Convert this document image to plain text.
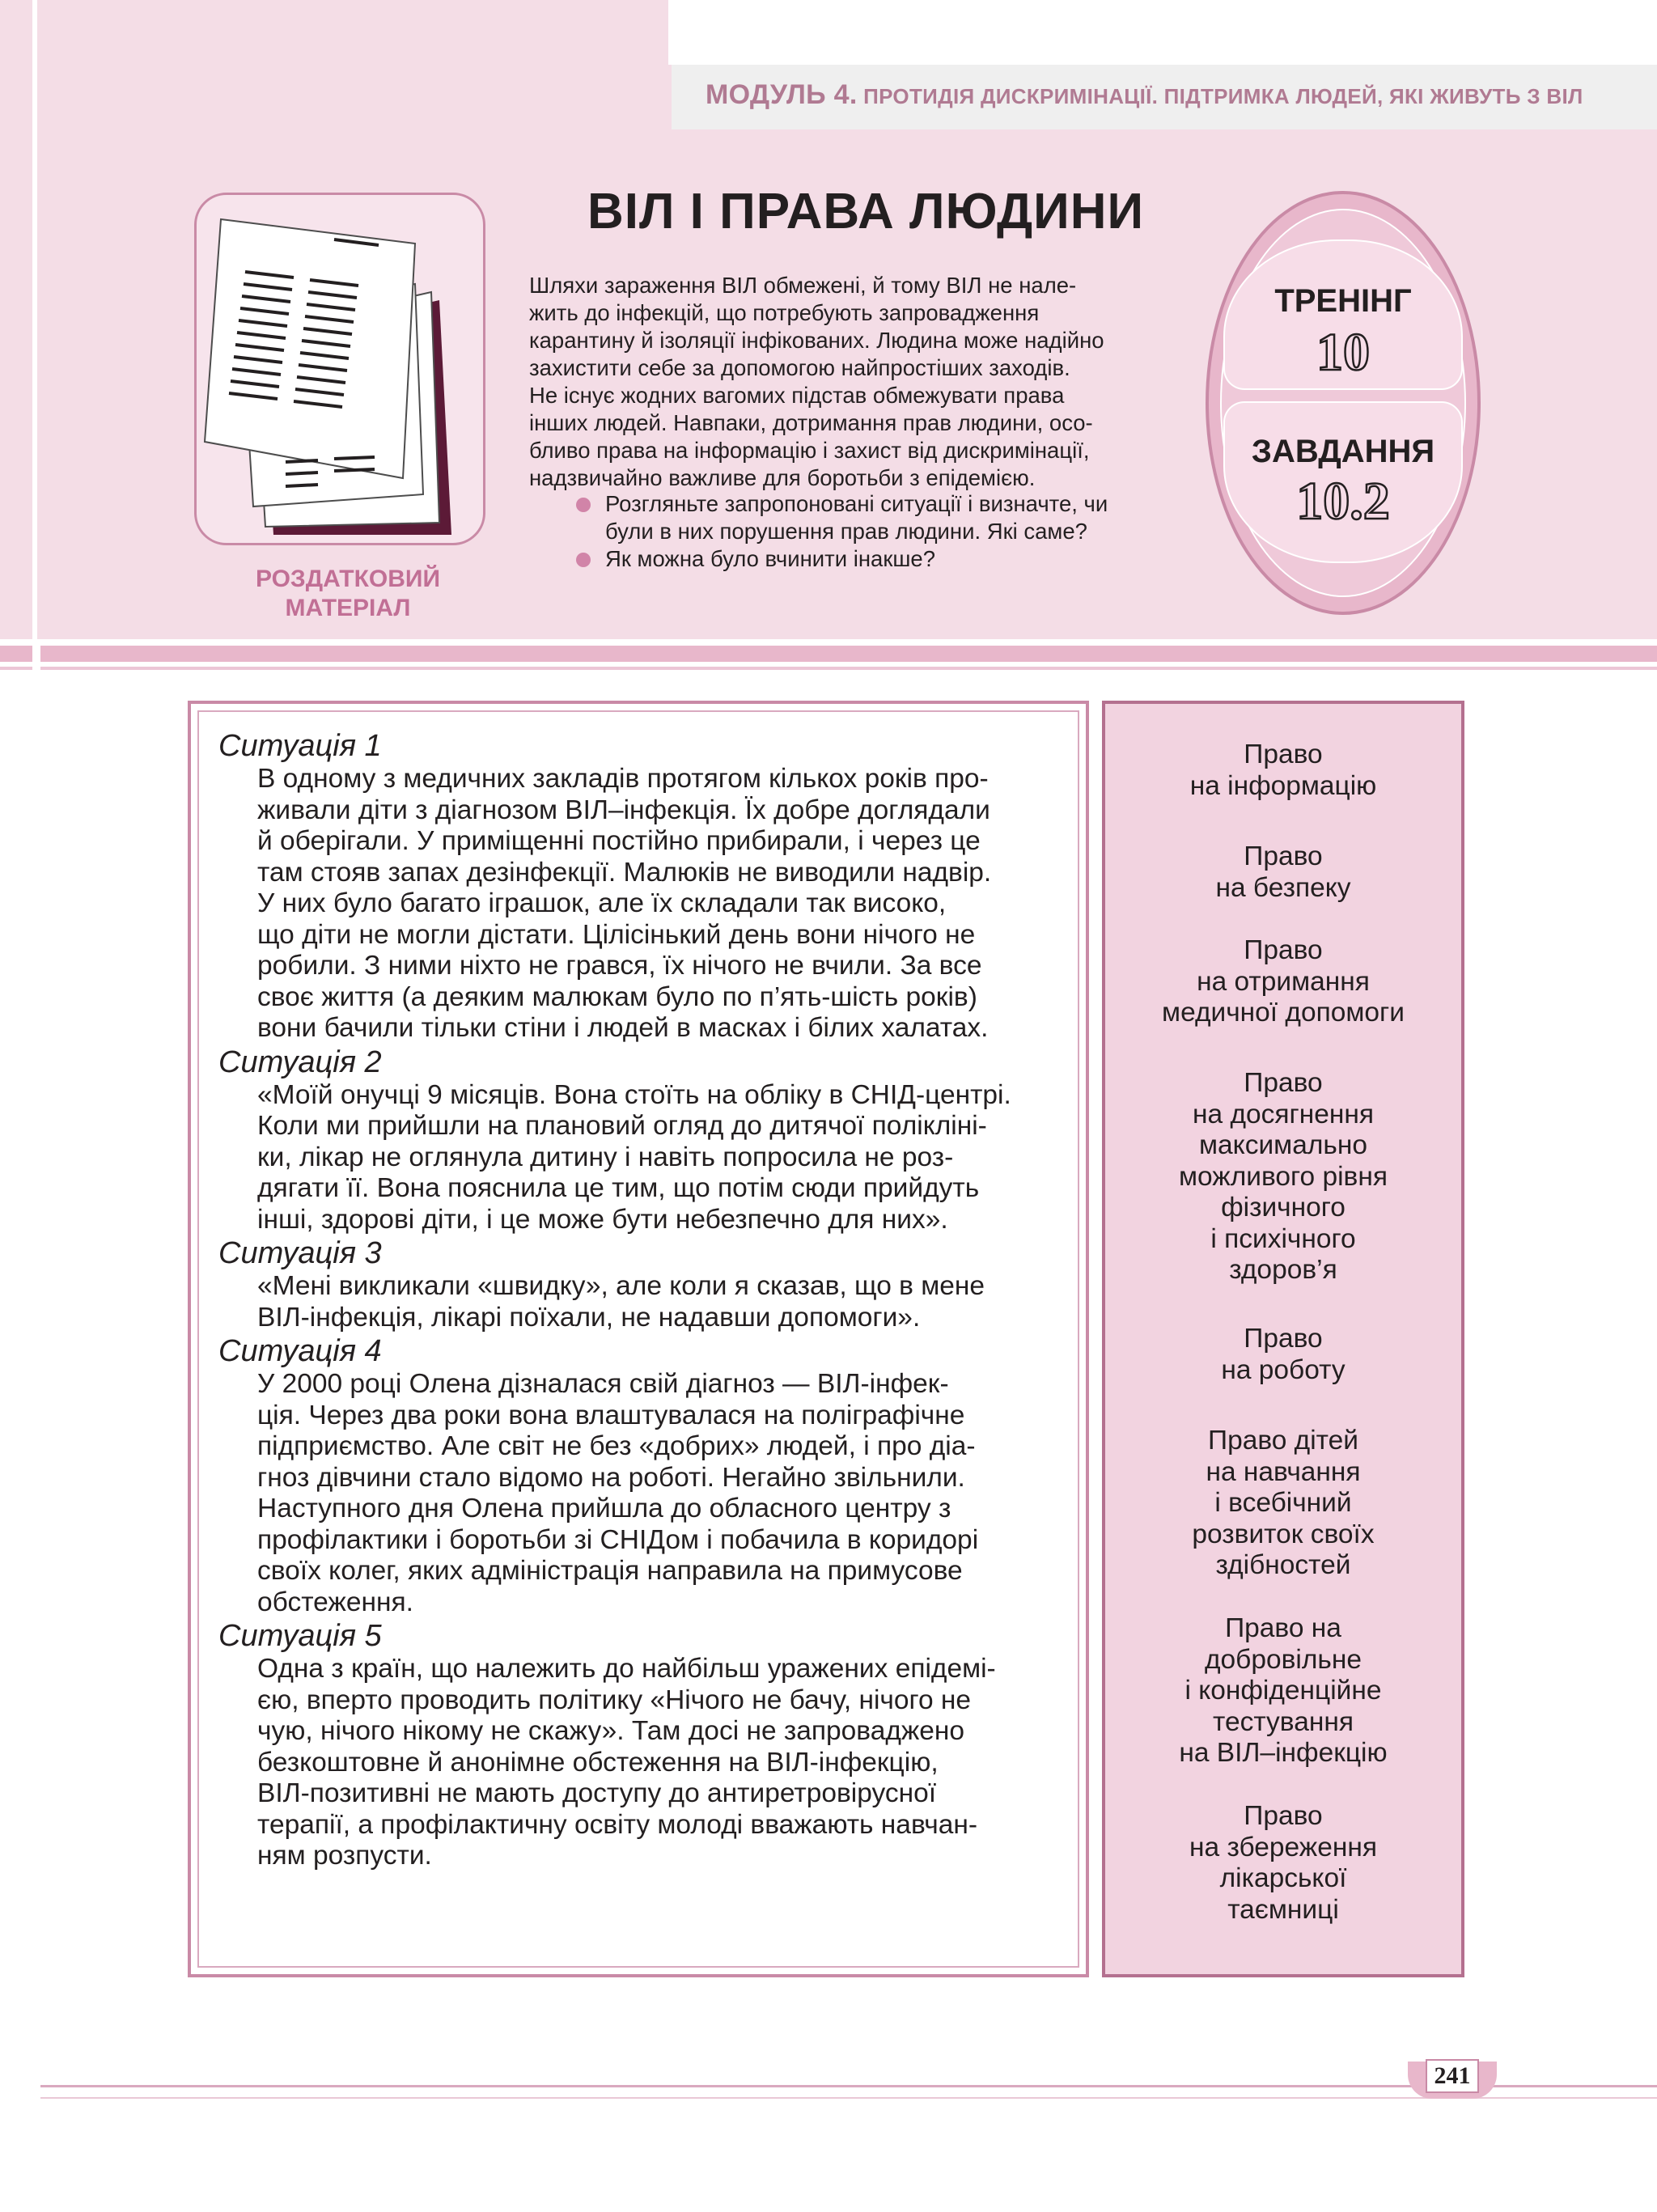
МОДУЛЬ 4. ПРОТИДІЯ ДИСКРИМІНАЦІЇ. ПІДТРИМКА ЛЮДЕЙ, ЯКІ ЖИВУТЬ З ВІЛ
РОЗДАТКОВИЙ
МАТЕРІАЛ
ВІЛ І ПРАВА ЛЮДИНИ
Шляхи зараження ВІЛ обмежені, й тому ВІЛ не нале-
жить до інфекцій, що потребують запровадження
карантину й ізоляції інфікованих. Людина може надійно
захистити себе за допомогою найпростіших заходів.
Не існує жодних вагомих підстав обмежувати права
інших людей. Навпаки, дотримання прав людини, осо-
бливо права на інформацію і захист від дискримінації,
надзвичайно важливе для боротьби з епідемією.
Розгляньте запропоновані ситуації і визначте, чи
були в них порушення прав людини. Які саме?
Як можна було вчинити інакше?
ТРЕНІНГ
10
ЗАВДАННЯ
10.2

Ситуація 1

В одному з медичних закладів протягом кількох років про-

живали діти з діагнозом ВІЛ–інфекція. Їх добре доглядали

й оберігали. У приміщенні постійно прибирали, і через це

там стояв запах дезінфекції. Малюків не виводили надвір.

У них було багато іграшок, але їх складали так високо,

що діти не могли дістати. Цілісінький день вони нічого не

робили. З ними ніхто не грався, їх нічого не вчили. За все

своє життя (а деяким малюкам було по п’ять-шість років)

вони бачили тільки стіни і людей в масках і білих халатах.

Ситуація 2

«Моїй онучці 9 місяців. Вона стоїть на обліку в СНІД-центрі.

Коли ми прийшли на плановий огляд до дитячої полікліні-

ки, лікар не оглянула дитину і навіть попросила не роз-

дягати її. Вона пояснила це тим, що потім сюди прийдуть

інші, здорові діти, і це може бути небезпечно для них».

Ситуація 3

«Мені викликали «швидку», але коли я сказав, що в мене

ВІЛ-інфекція, лікарі поїхали, не надавши допомоги».

Ситуація 4

У 2000 році Олена дізналася свій діагноз — ВІЛ-інфек-

ція. Через два роки вона влаштувалася на поліграфічне

підприємство. Але світ не без «добрих» людей, і про діа-

гноз дівчини стало відомо на роботі. Негайно звільнили.

Наступного дня Олена прийшла до обласного центру з

профілактики і боротьби зі СНІДом і побачила в коридорі

своїх колег, яких адміністрація направила на примусове

обстеження.

Ситуація 5

Одна з країн, що належить до найбільш уражених епідемі-

єю, вперто проводить політику «Нічого не бачу, нічого не

чую, нічого нікому не скажу». Там досі не запроваджено

безкоштовне й анонімне обстеження на ВІЛ-інфекцію,

ВІЛ-позитивні не мають доступу до антиретровірусної

терапії, а профілактичну освіту молоді вважають навчан-

ням розпусти.

Право
на інформацію
Право
на безпеку
Право
на отримання
медичної допомоги
Право
на досягнення
максимально
можливого рівня
фізичного
і психічного
здоров’я
Право
на роботу
Право дітей
на навчання
і всебічний
розвиток своїх
здібностей
Право на
добровільне
і конфіденційне
тестування
на ВІЛ–інфекцію
Право
на збереження
лікарської
таємниці
241
